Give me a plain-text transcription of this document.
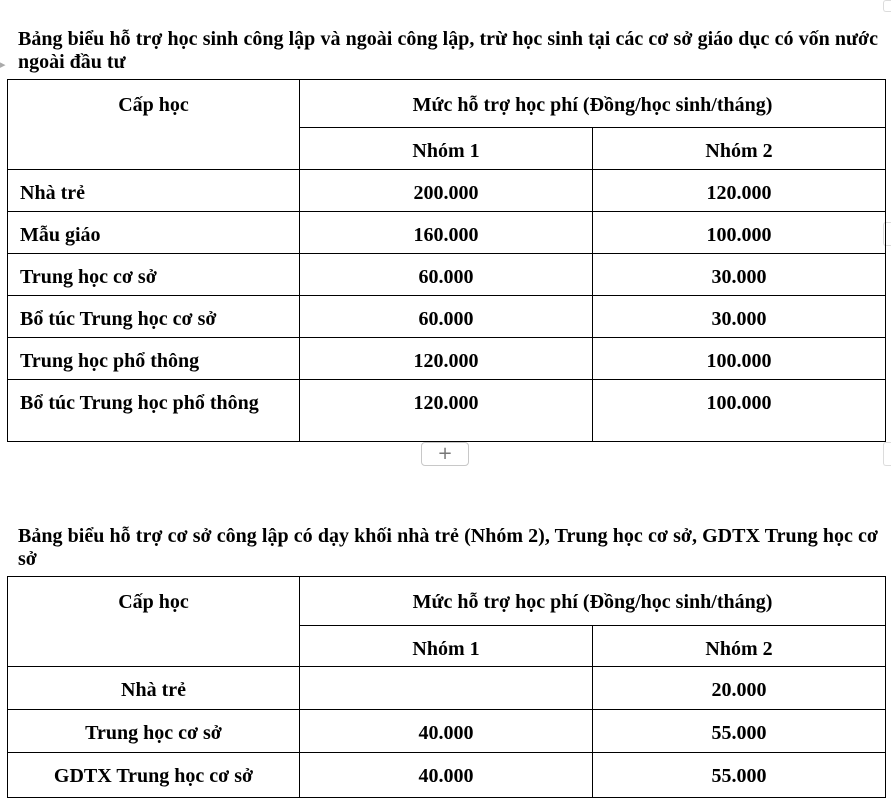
▸
Bảng biểu hỗ trợ học sinh công lập và ngoài công lập, trừ học sinh tại các cơ sở giáo dục có vốn nước ngoài đầu tư
Cấp học	Mức hỗ trợ học phí (Đồng/học sinh/tháng)	
	Nhóm 1	Nhóm 2
Nhà trẻ	200.000	120.000
Mẫu giáo	160.000	100.000
Trung học cơ sở	60.000	30.000
Bổ túc Trung học cơ sở	60.000	30.000
Trung học phổ thông	120.000	100.000
Bổ túc Trung học phổ thông	120.000	100.000
+
Bảng biểu hỗ trợ cơ sở công lập có dạy khối nhà trẻ (Nhóm 2), Trung học cơ sở, GDTX Trung học cơ sở
Cấp học	Mức hỗ trợ học phí (Đồng/học sinh/tháng)	
	Nhóm 1	Nhóm 2
Nhà trẻ		20.000
Trung học cơ sở	40.000	55.000
GDTX Trung học cơ sở	40.000	55.000
